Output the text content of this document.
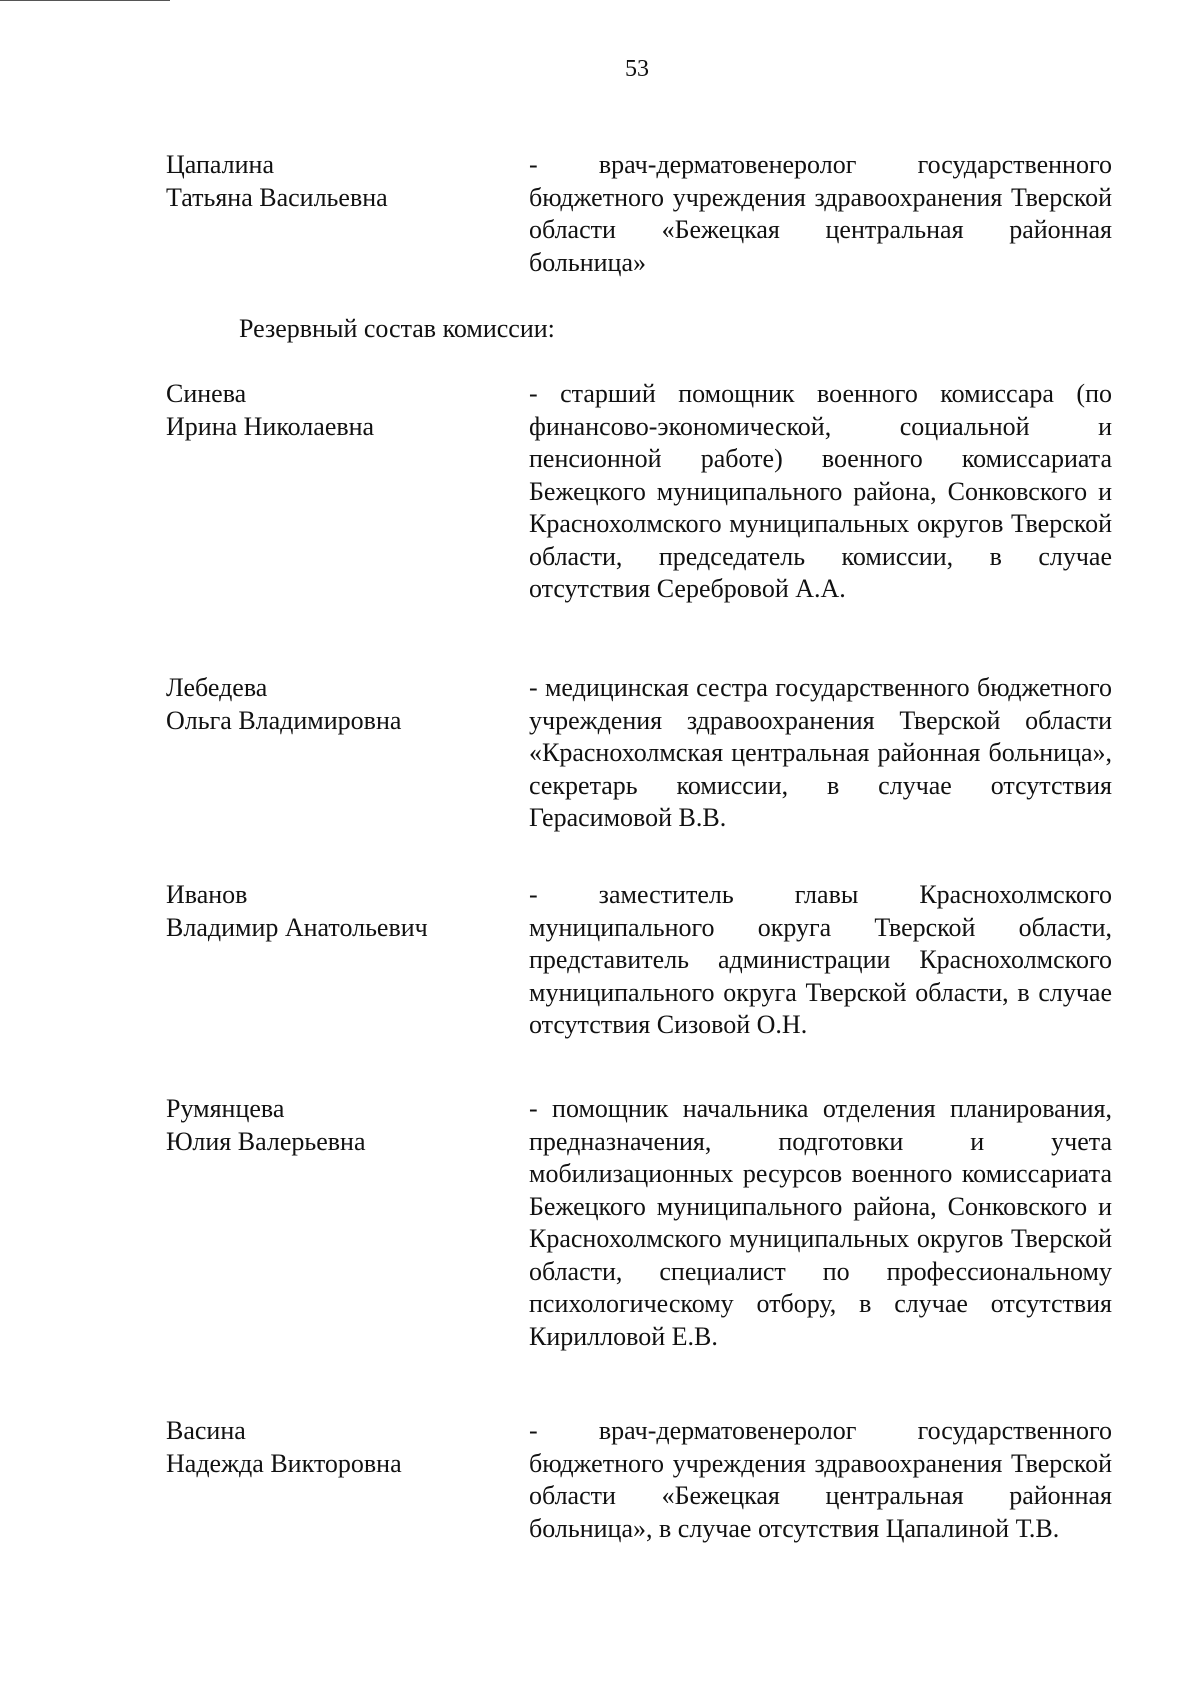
53
Цапалина
Татьяна Васильевна
- врач-дерматовенеролог государственного бюджетного учреждения здравоохранения Тверской области «Бежецкая центральная районная больница»
Резервный состав комиссии:
Синева
Ирина Николаевна
- старший помощник военного комиссара (по финансово-экономической, социальной и пенсионной работе) военного комиссариата Бежецкого муниципального района, Сонковского и Краснохолмского муниципальных округов Тверской области, председатель комиссии, в случае отсутствия Серебровой А.А.
Лебедева
Ольга Владимировна
- медицинская сестра государственного бюджетного учреждения здравоохранения Тверской области «Краснохолмская центральная районная больница», секретарь комиссии, в случае отсутствия Герасимовой В.В.
Иванов
Владимир Анатольевич
- заместитель главы Краснохолмского муниципального округа Тверской области, представитель администрации Краснохолмского муниципального округа Тверской области, в случае отсутствия Сизовой О.Н.
Румянцева
Юлия Валерьевна
- помощник начальника отделения планирования, предназначения, подготовки и учета мобилизационных ресурсов военного комиссариата Бежецкого муниципального района, Сонковского и Краснохолмского муниципальных округов Тверской области, специалист по профессиональному психологическому отбору, в случае отсутствия Кирилловой Е.В.
Васина
Надежда Викторовна
- врач-дерматовенеролог государственного бюджетного учреждения здравоохранения Тверской области «Бежецкая центральная районная больница», в случае отсутствия Цапалиной Т.В.
